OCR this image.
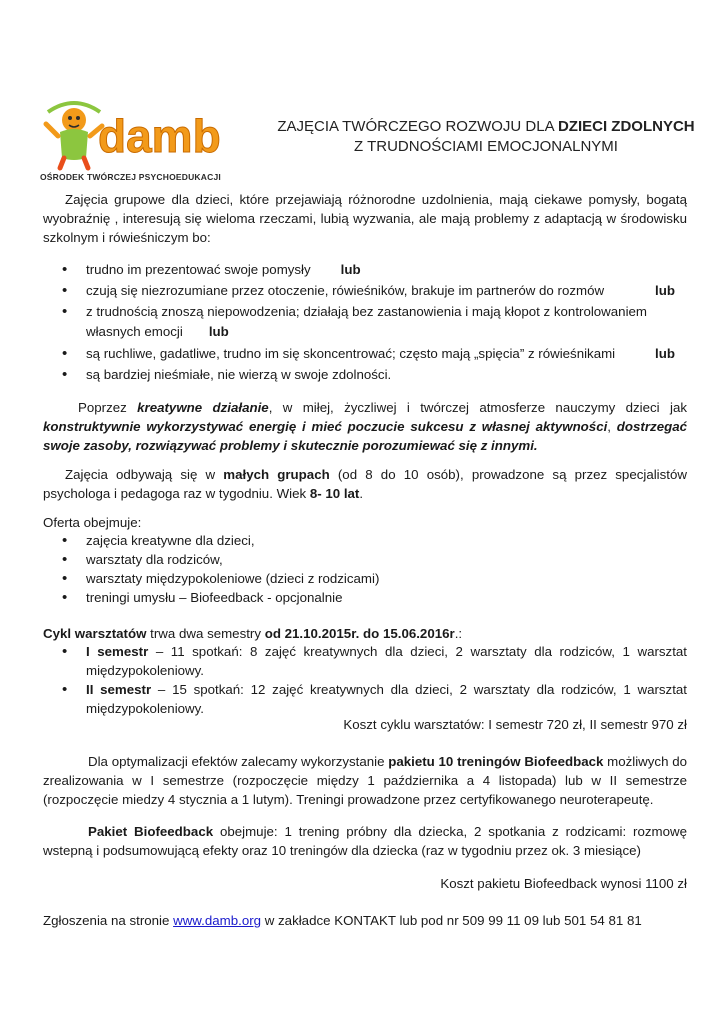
damb
OŚRODEK TWÓRCZEJ PSYCHOEDUKACJI
ZAJĘCIA TWÓRCZEGO ROZWOJU DLA DZIECI ZDOLNYCH
Z TRUDNOŚCIAMI EMOCJONALNYMI
Zajęcia grupowe dla dzieci, które przejawiają różnorodne uzdolnienia, mają ciekawe pomysły, bogatą wyobraźnię , interesują się wieloma rzeczami, lubią wyzwania, ale mają problemy z adaptacją w środowisku szkolnym i rówieśniczym bo:
• trudno im prezentować swoje pomysły lub
• czują się niezrozumiane przez otoczenie, rówieśników, brakuje im partnerów do rozmów	lub
• z trudnością znoszą niepowodzenia; działają bez zastanowienia i mają kłopot z kontrolowaniem
własnych emocji lub
• są ruchliwe, gadatliwe, trudno im się skoncentrować; często mają „spięcia” z rówieśnikami	lub
• są bardziej nieśmiałe, nie wierzą w swoje zdolności.
Poprzez kreatywne działanie, w miłej, życzliwej i twórczej atmosferze nauczymy dzieci jak konstruktywnie wykorzystywać energię i mieć poczucie sukcesu z własnej aktywności, dostrzegać swoje zasoby, rozwiązywać problemy i skutecznie porozumiewać się z innymi.
Zajęcia odbywają się w małych grupach (od 8 do 10 osób), prowadzone są przez specjalistów psychologa i pedagoga raz w tygodniu. Wiek 8- 10 lat.
Oferta obejmuje:
• zajęcia kreatywne dla dzieci,
• warsztaty dla rodziców,
• warsztaty międzypokoleniowe (dzieci z rodzicami)
• treningi umysłu – Biofeedback - opcjonalnie
Cykl warsztatów trwa dwa semestry od 21.10.2015r. do 15.06.2016r.:
• I semestr – 11 spotkań: 8 zajęć kreatywnych dla dzieci, 2 warsztaty dla rodziców, 1 warsztat międzypokoleniowy.
• II semestr – 15 spotkań: 12 zajęć kreatywnych dla dzieci, 2 warsztaty dla rodziców, 1 warsztat międzypokoleniowy.
Koszt cyklu warsztatów: I semestr 720 zł, II semestr 970 zł
Dla optymalizacji efektów zalecamy wykorzystanie pakietu 10 treningów Biofeedback możliwych do zrealizowania w I semestrze (rozpoczęcie między 1 października a 4 listopada) lub w II semestrze (rozpoczęcie miedzy 4 stycznia a 1 lutym). Treningi prowadzone przez certyfikowanego neuroterapeutę.
Pakiet Biofeedback obejmuje: 1 trening próbny dla dziecka, 2 spotkania z rodzicami: rozmowę wstepną i podsumowującą efekty oraz 10 treningów dla dziecka (raz w tygodniu przez ok. 3 miesiące)
Koszt pakietu Biofeedback wynosi 1100 zł
Zgłoszenia na stronie www.damb.org w zakładce KONTAKT lub pod nr 509 99 11 09 lub 501 54 81 81
